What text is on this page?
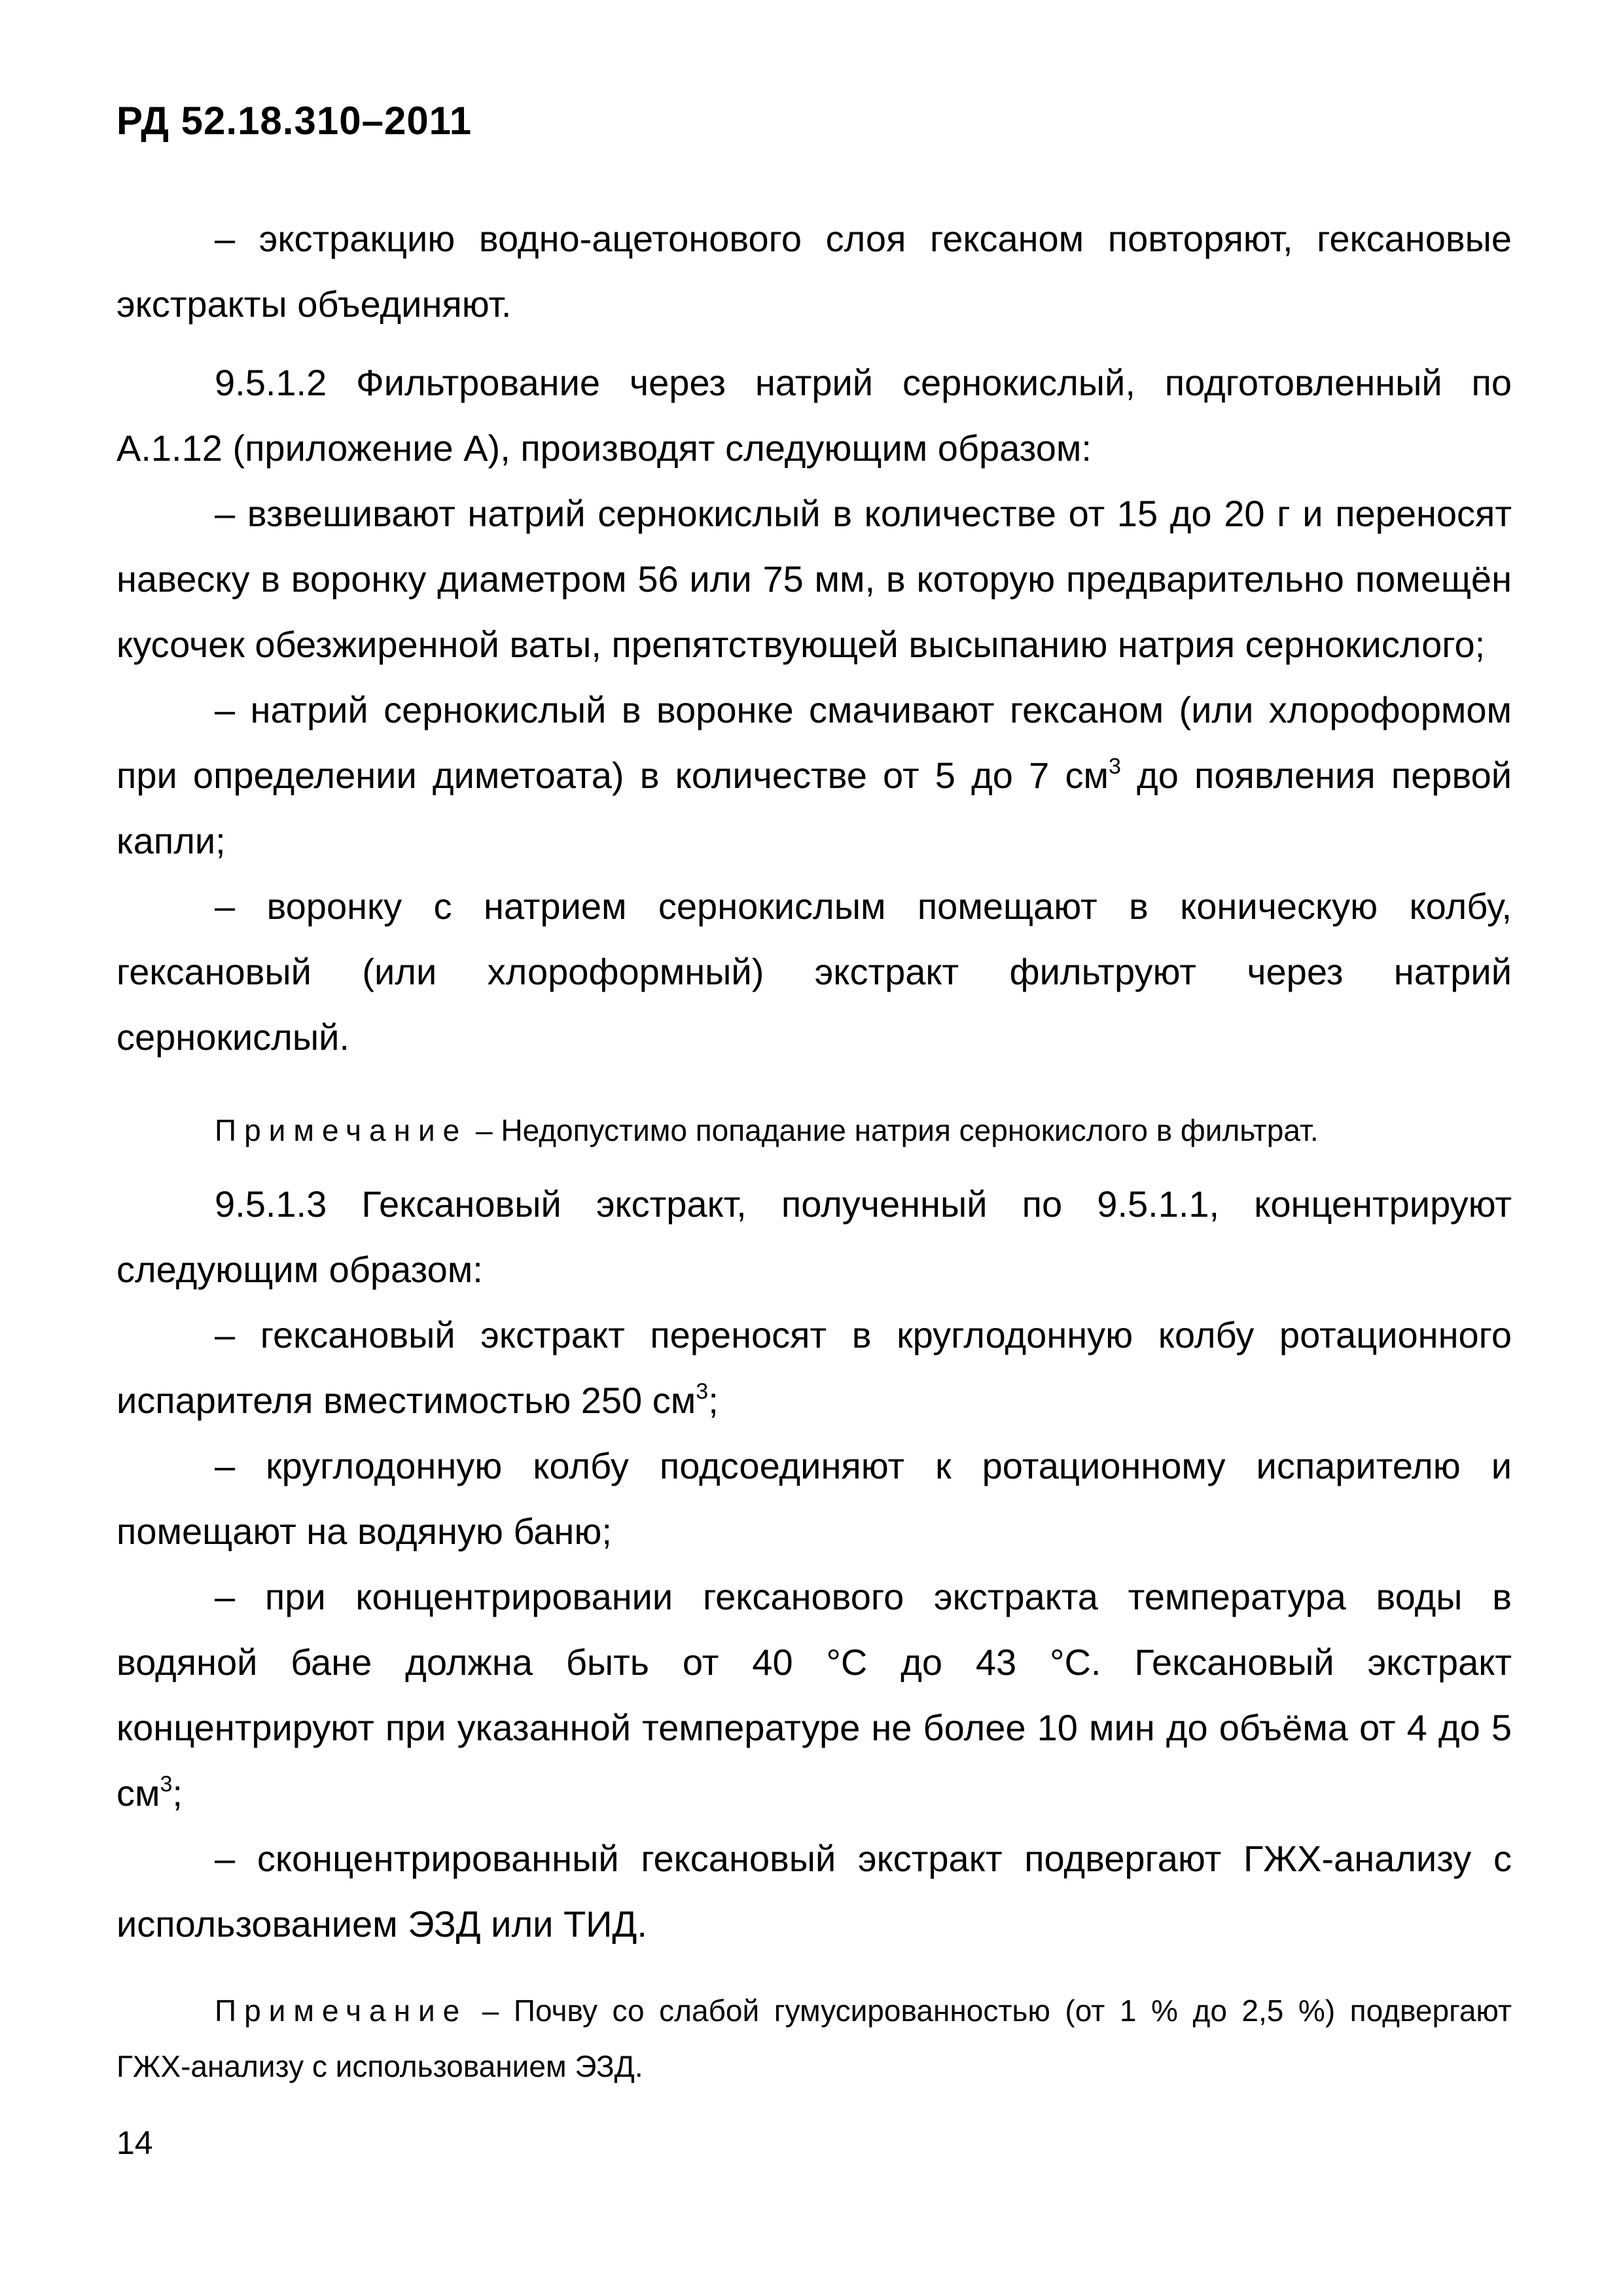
РД 52.18.310–2011

– экстракцию водно-ацетонового слоя гексаном повторяют, гексановые экстракты объединяют.

9.5.1.2 Фильтрование через натрий сернокислый, подготовленный по А.1.12 (приложение А), производят следующим образом:

– взвешивают натрий сернокислый в количестве от 15 до 20 г и переносят навеску в воронку диаметром 56 или 75 мм, в которую предварительно помещён кусочек обезжиренной ваты, препятствующей высыпанию натрия сернокислого;

– натрий сернокислый в воронке смачивают гексаном (или хлороформом при определении диметоата) в количестве от 5 до 7 $см^3$ до появления первой капли;

– воронку с натрием сернокислым помещают в коническую колбу, гексановый (или хлороформный) экстракт фильтруют через натрий сернокислый.

Примечание – Недопустимо попадание натрия сернокислого в фильтрат.

9.5.1.3 Гексановый экстракт, полученный по 9.5.1.1, концентрируют следующим образом:

– гексановый экстракт переносят в круглодонную колбу ротационного испарителя вместимостью 250 $см^3$;

– круглодонную колбу подсоединяют к ротационному испарителю и помещают на водяную баню;

– при концентрировании гексанового экстракта температура воды в водяной бане должна быть от 40 °С до 43 °С. Гексановый экстракт концентрируют при указанной температуре не более 10 мин до объёма от 4 до 5 $см^3$;

– сконцентрированный гексановый экстракт подвергают ГЖХ-анализу с использованием ЭЗД или ТИД.

Примечание – Почву со слабой гумусированностью (от 1 % до 2,5 %) подвергают ГЖХ-анализу с использованием ЭЗД.

14
